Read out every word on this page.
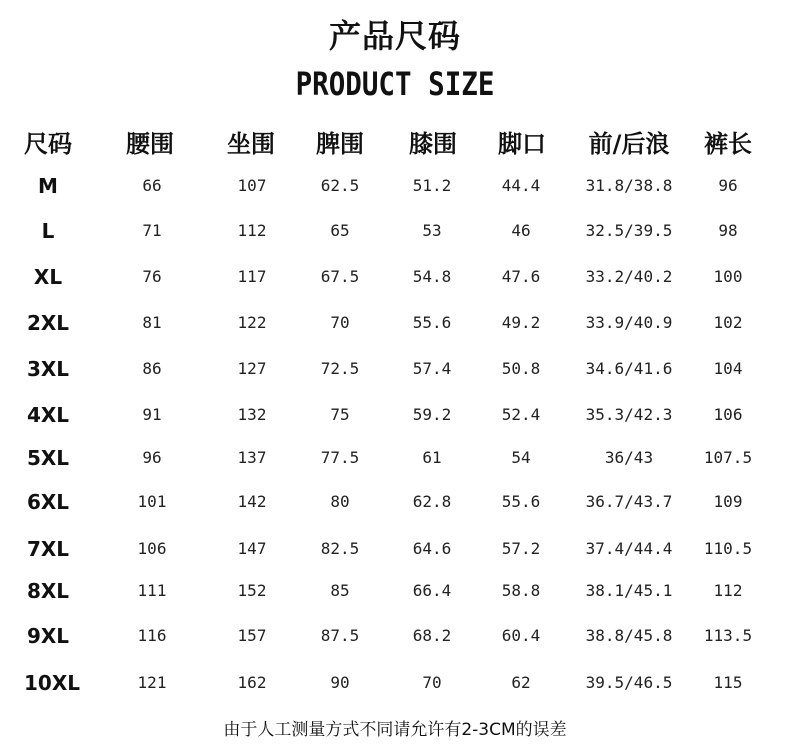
产品尺码
PRODUCT SIZE
尺码	腰围	坐围	脾围	膝围	脚口	前/后浪	裤长
M	66	107	62.5	51.2	44.4	31.8/38.8	96
L	71	112	65	53	46	32.5/39.5	98
XL	76	117	67.5	54.8	47.6	33.2/40.2	100
2XL	81	122	70	55.6	49.2	33.9/40.9	102
3XL	86	127	72.5	57.4	50.8	34.6/41.6	104
4XL	91	132	75	59.2	52.4	35.3/42.3	106
5XL	96	137	77.5	61	54	36/43	107.5
6XL	101	142	80	62.8	55.6	36.7/43.7	109
7XL	106	147	82.5	64.6	57.2	37.4/44.4	110.5
8XL	111	152	85	66.4	58.8	38.1/45.1	112
9XL	116	157	87.5	68.2	60.4	38.8/45.8	113.5
10XL	121	162	90	70	62	39.5/46.5	115
由于人工测量方式不同请允许有2-3CM的误差
